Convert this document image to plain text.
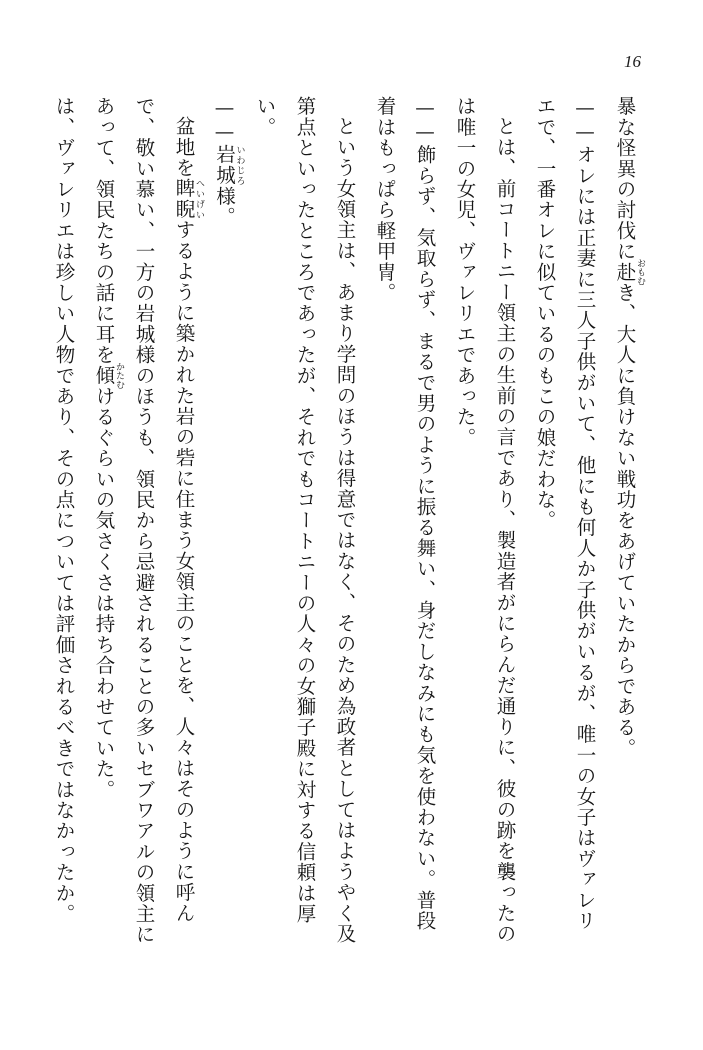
16

暴な怪異の討伐に赴おもむき、大人に負けない戦功をあげていたからである。

——オレには正妻に三人子供がいて、他にも何人か子供がいるが、唯一の女子はヴァレリエで、一番オレに似ているのもこの娘だわな。

とは、前コートニー領主の生前の言であり、製造者がにらんだ通りに、彼の跡を襲ったのは唯一の女児、ヴァレリエであった。

——飾らず、気取らず、まるで男のように振る舞い、身だしなみにも気を使わない。普段着はもっぱら軽甲冑。

という女領主は、あまり学問のほうは得意ではなく、そのため為政者としてはようやく及第点といったところであったが、それでもコートニーの人々の女獅子殿に対する信頼は厚い。

——岩城いわじろ様。

盆地を睥睨へいげいするように築かれた岩の砦に住まう女領主のことを、人々はそのように呼んで、敬い慕い、一方の岩城様のほうも、領民から忌避されることの多いセブワアルの領主にあって、領民たちの話に耳を傾かたむけるぐらいの気さくさは持ち合わせていた。

は、ヴァレリエは珍しい人物であり、その点については評価されるべきではなかったか。
